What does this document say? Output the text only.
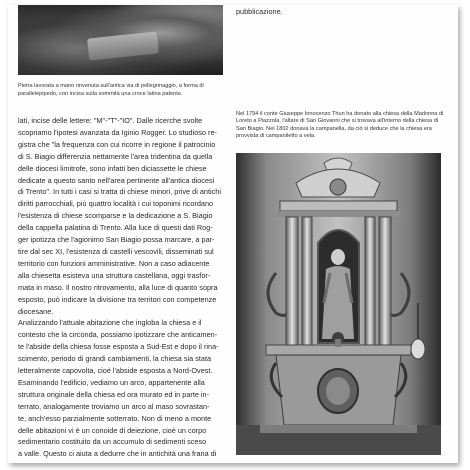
Pietra lavorata a mano rinvenuta sull'antica via di pellegrinaggio, a forma di parallelepipedo, con incisa sulla sommità una croce latina patente.

lati, incise delle lettere: "M"-"T"-"IO". Dalle ricerche svolte
scopriamo l'ipotesi avanzata da Iginio Rogger. Lo studioso re-
gistra che "la frequenza con cui ricorre in regione il patrocinio
di S. Biagio differenzia nettamente l'area tridentina da quella
delle diocesi limitrofe, sono infatti ben diciassette le chiese
dedicate a questo santo nell'area pertinente all'antica diocesi
di Trento". In tutti i casi si tratta di chiese minori, prive di antichi
diritti parrocchiali, più quattro località i cui toponimi ricordano
l'esistenza di chiese scomparse e la dedicazione a S. Biagio
della cappella palatina di Trento. Alla luce di questi dati Rog-
ger ipotizza che l'agionimo San Biagio possa marcare, a par-
tire dal sec XI, l'esistenza di castelli vescovili, disseminati sul
territorio con funzioni amministrative. Non a caso adiacente
alla chiesetta esisteva una struttura castellana, oggi trasfor-
mata in maso. Il nostro ritrovamento, alla luce di quanto sopra
esposto, può indicare la divisione tra territori con competenze
diocesane.

Analizzando l'attuale abitazione che ingloba la chiesa e il
contesto che la circonda, possiamo ipotizzare che anticamen-
te l'abside della chiesa fosse esposta a Sud-Est e dopo il rina-
scimento, periodo di grandi cambiamenti, la chiesa sia stata
letteralmente capovolta, cioè l'abside esposta a Nord-Ovest.
Esaminando l'edificio, vediamo un arco, appartenente alla
struttura originale della chiesa ed ora murato ed in parte in-
terrato, analogamente troviamo un arco al maso sovrastan-
te, anch'esso parzialmente sotterrato. Non di meno a monte
delle abitazioni vi è un conoide di deiezione, cioè un corpo
sedimentario costituito da un accumulo di sedimenti sceso
a valle. Questo ci aiuta a dedurre che in antichità una frana di

pubblicazione.
Nel 1794 il conte Giuseppe Innocenzo Thun ha donato alla chiesa della Madonna di Loreto a Piazzola, l'altare di San Giovanni che si trovava all'interno della chiesa di San Biagio. Nel 1802 donava la campanella, da ciò si deduce che la chiesa era provvista di campaniletto a vela.
